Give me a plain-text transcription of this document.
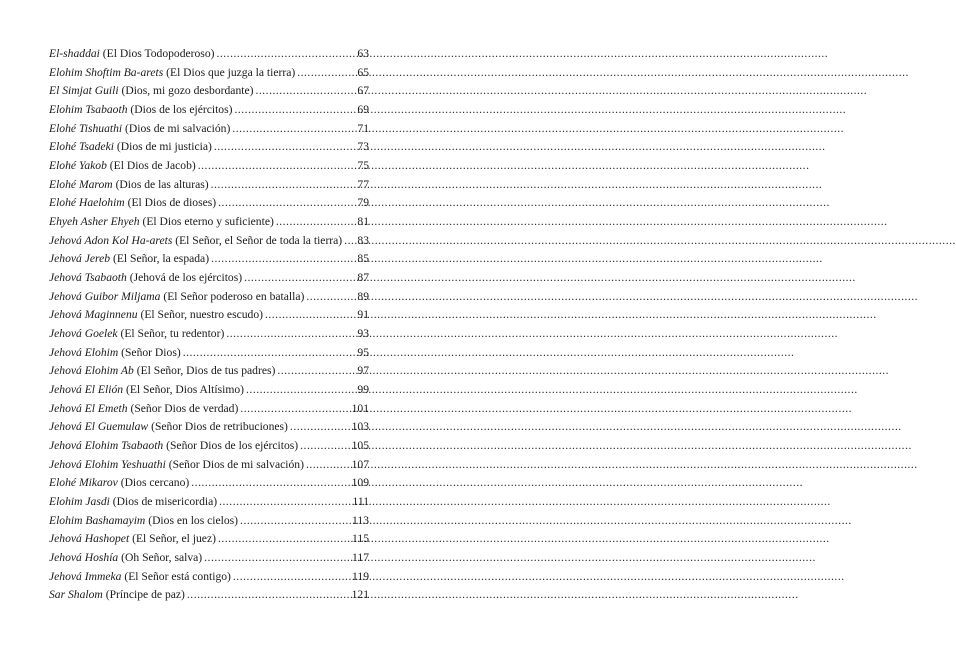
El-shaddai (El Dios Todopoderoso) .....	63
Elohim Shoftim Ba-arets (El Dios que juzga la tierra) .....	65
El Simjat Guili (Dios, mi gozo desbordante) .....	67
Elohim Tsabaoth (Dios de los ejércitos) .....	69
Elohé Tishuathi (Dios de mi salvación) .....	71
Elohé Tsadeki (Dios de mi justicia) .....	73
Elohé Yakob (El Dios de Jacob) .....	75
Elohé Marom (Dios de las alturas) .....	77
Elohé Haelohim (El Dios de dioses) .....	79
Ehyeh Asher Ehyeh (El Dios eterno y suficiente) .....	81
Jehová Adon Kol Ha-arets (El Señor, el Señor de toda la tierra) ..... 83
Jehová Jereb (El Señor, la espada) .....	85
Jehová Tsabaoth (Jehová de los ejércitos) .....	87
Jehová Guibor Miljama (El Señor poderoso en batalla) .....	89
Jehová Maginnenu (El Señor, nuestro escudo) .....	91
Jehová Goelek (El Señor, tu redentor) .....	93
Jehová Elohim (Señor Dios) .....	95
Jehová Elohim Ab (El Señor, Dios de tus padres) .....	97
Jehová El Elión (El Señor, Dios Altísimo) .....	99
Jehová El Emeth (Señor Dios de verdad) .....	101
Jehová El Guemulaw (Señor Dios de retribuciones) .....	103
Jehová Elohim Tsabaoth (Señor Dios de los ejércitos) .....	105
Jehová Elohim Yeshuathi (Señor Dios de mi salvación) .....	107
Elohé Mikarov (Dios cercano) .....	109
Elohim Jasdi (Dios de misericordia) .....	111
Elohim Bashamayim (Dios en los cielos) .....	113
Jehová Hashopet (El Señor, el juez) .....	115
Jehová Hoshía (Oh Señor, salva) .....	117
Jehová Immeka (El Señor está contigo) .....	119
Sar Shalom (Príncipe de paz) .....	121
